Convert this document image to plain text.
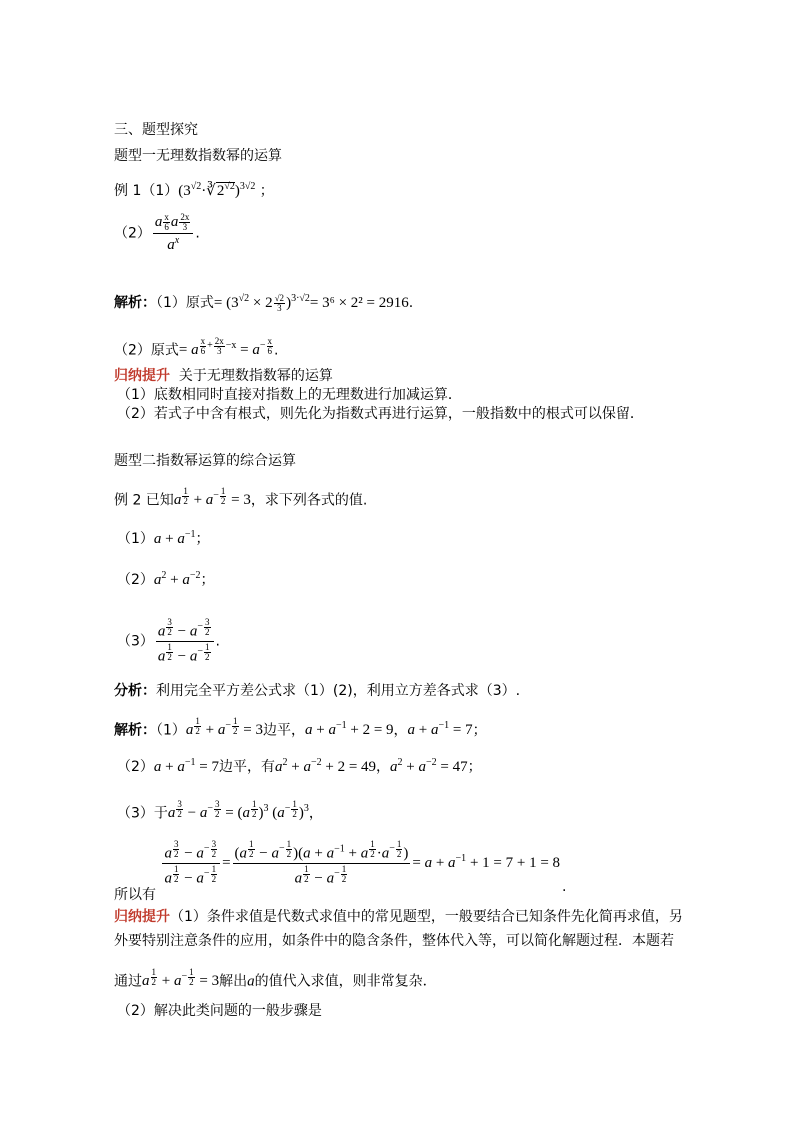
三、题型探究
题型一无理数指数幂的运算
例 $1(1)(3^{√2}\cdot∛2^{√2})^{3√2}$ ；
$(2) \frac{a \frac{x}{6} a \frac{2x}{3}}{a^x}$ .
解析：（1）原式= $(3^{√2} \times 2 \frac{√2}{3} )^{3\cdot√2}= 3^6 \times 2^2 = 2916$.
（2）原式= a $^{\frac{x}{6} + \frac{2x}{3} -x} = a^{- \frac{x}{6}}$ .
归纳提升 关于无理数指数幂的运算
（1）底数相同时直接对指数上的无理数进行加减运算．
（2）若式子中含有根式，则先化为指数式再进行运算，一般指数中的根式可以保留．
题型二指数幂运算的综合运算
例 2 已知a $^{\frac{1}{2}} + a^{- \frac{1}{2}} = 3$，求下列各式的值.
$(1)a + a^{-1}$；
$(2)a^2 + a^{-2}$；
（3） a $^{\frac{3}{2}} - a^{- \frac{3}{2}}$
a $^{\frac{1}{2}} - a^{- \frac{1}{2}}$ .
分析：利用完全平方差公式求（1）(2)，利用立方差各式求（3）.
解析：（1）a $^{\frac{1}{2}} + a^{- \frac{1}{2}} = 3$边平，$a + a^{-1} + 2 = 9$，$a + a^{-1} = 7$；
$(2)a + a^{-1} = 7$边平，有$a^2 + a^{-2} + 2 = 49$，$a^2 + a^{-2} = 47$；
（3）于a $^{\frac{3}{2}} - a^{- \frac{3}{2}} = (a$ $^{\frac{1}{2}}$ )$^3$ ($a^{- \frac{1}{2}}$ )$^3$，
所以有
a $^{\frac{3}{2}} - a^{- \frac{3}{2}}$
a $^{\frac{1}{2}} - a^{- \frac{1}{2}} = (a$ $^{\frac{1}{2}} - a^{- \frac{1}{2}}$ )($a + a^{-1} + a$ $^{\frac{1}{2}} \cdot a^{- \frac{1}{2}}$ )
a $^{\frac{1}{2}} - a^{- \frac{1}{2}} = a + a^{-1} + 1 = 7 + 1 = 8$
.
归纳提升（1）条件求值是代数式求值中的常见题型，一般要结合已知条件先化简再求值，另
外要特别注意条件的应用，如条件中的隐含条件，整体代入等，可以简化解题过程．本题若
通过a $^{\frac{1}{2}} + a^{- \frac{1}{2}} = 3$解出a的值代入求值，则非常复杂．
（2）解决此类问题的一般步骤是
